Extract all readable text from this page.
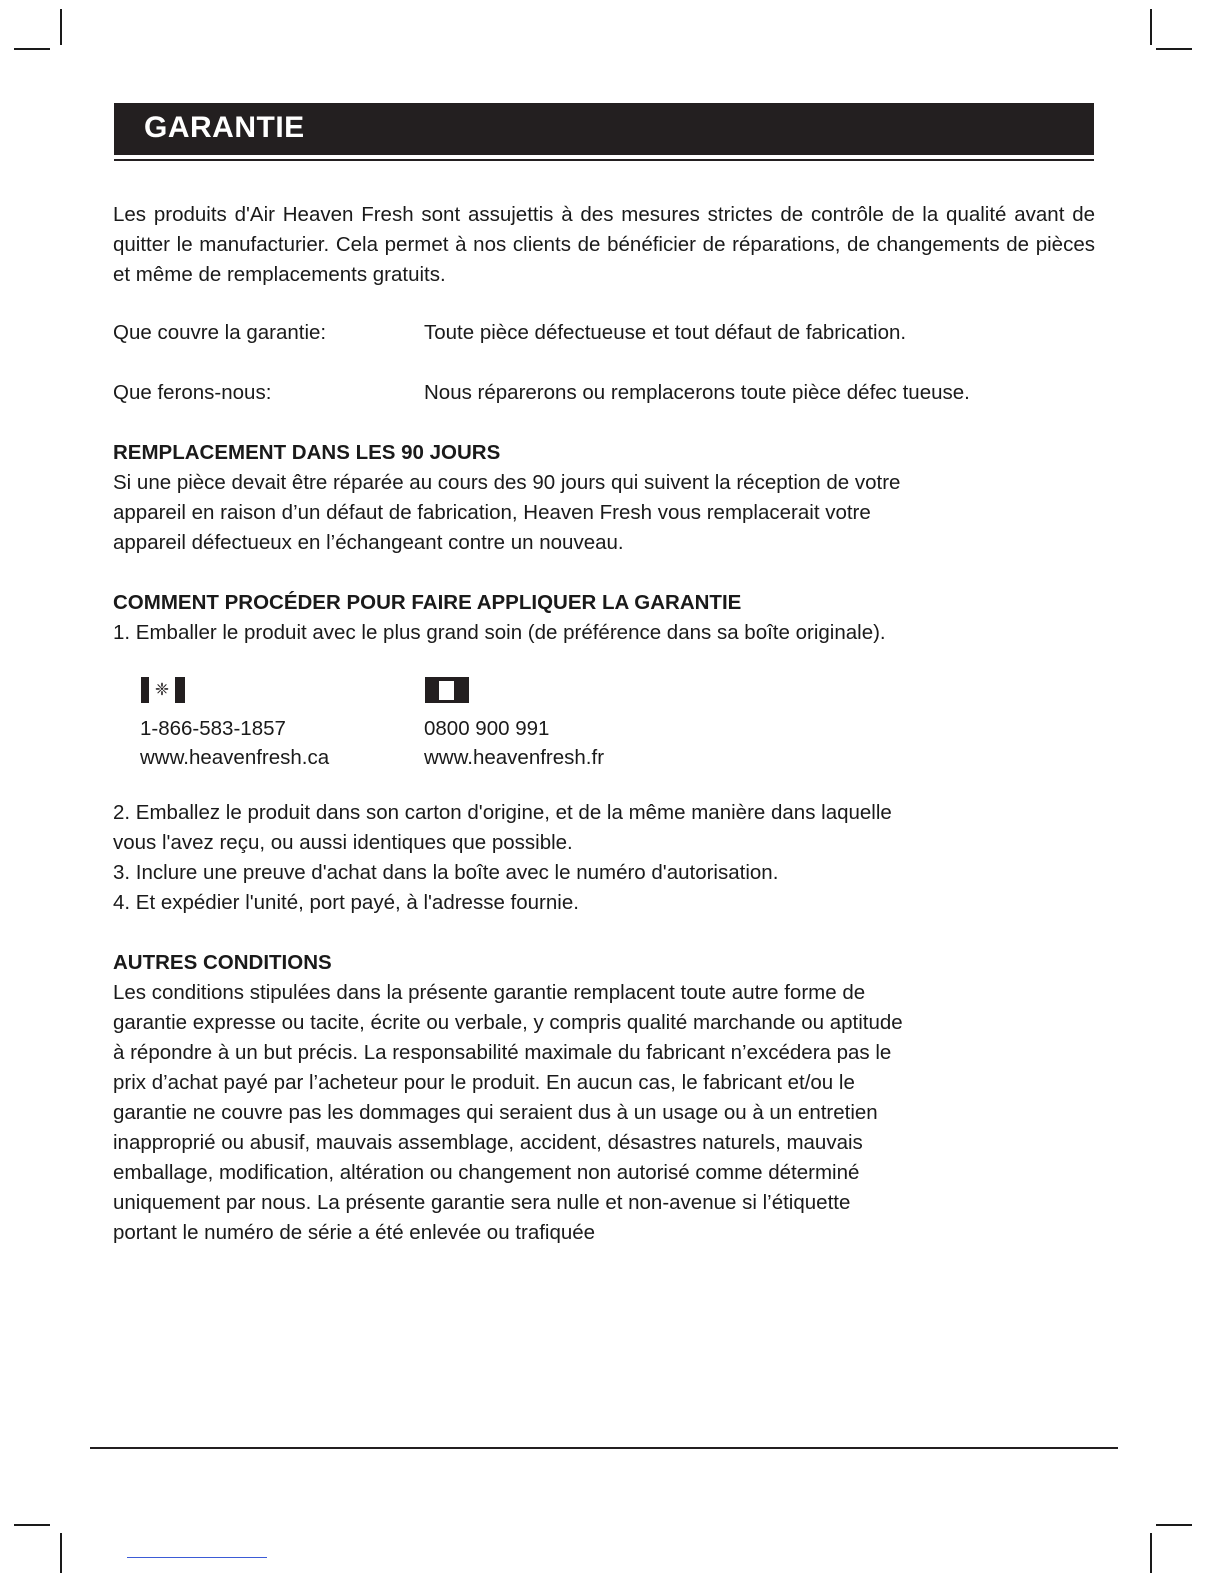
GARANTIE
Les produits d'Air Heaven Fresh sont assujettis à des mesures strictes de contrôle de la qualité avant de quitter le manufacturier. Cela permet à nos clients de bénéficier de réparations, de changements de pièces et même de remplacements gratuits.
Que couvre la garantie:	Toute pièce défectueuse et tout défaut de fabrication.
Que ferons-nous:	Nous réparerons ou remplacerons toute pièce défec tueuse.
REMPLACEMENT DANS LES 90 JOURS
Si une pièce devait être réparée au cours des 90 jours qui suivent la réception de votre
appareil en raison d’un défaut de fabrication, Heaven Fresh vous remplacerait votre
appareil défectueux en l’échangeant contre un nouveau.
COMMENT PROCÉDER POUR FAIRE APPLIQUER LA GARANTIE
1. Emballer le produit avec le plus grand soin (de préférence dans sa boîte originale).
❈
1-866-583-1857
www.heavenfresh.ca
0800 900 991
www.heavenfresh.fr
2. Emballez le produit dans son carton d'origine, et de la même manière dans laquelle
vous l'avez reçu, ou aussi identiques que possible.
3. Inclure une preuve d'achat dans la boîte avec le numéro d'autorisation.
4. Et expédier l'unité, port payé, à l'adresse fournie.
AUTRES CONDITIONS
Les conditions stipulées dans la présente garantie remplacent toute autre forme de
garantie expresse ou tacite, écrite ou verbale, y compris qualité marchande ou aptitude
à répondre à un but précis. La responsabilité maximale du fabricant n’excédera pas le
prix d’achat payé par l’acheteur pour le produit. En aucun cas, le fabricant et/ou le
garantie ne couvre pas les dommages qui seraient dus à un usage ou à un entretien
inapproprié ou abusif, mauvais assemblage, accident, désastres naturels, mauvais
emballage, modification, altération ou changement non autorisé comme déterminé
uniquement par nous. La présente garantie sera nulle et non-avenue si l’étiquette
portant le numéro de série a été enlevée ou trafiquée
